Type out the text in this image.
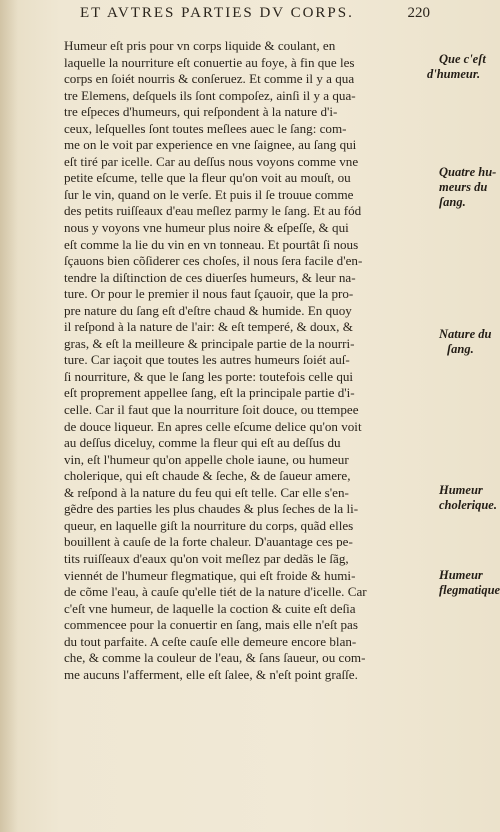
ET AVTRES PARTIES DV CORPS.	220
Humeur eſt pris pour vn corps liquide & coulant, en
laquelle la nourriture eſt conuertie au foye, à fin que les
corps en ſoiét nourris & conſeruez. Et comme il y a qua
tre Elemens, deſquels ils ſont compoſez, ainſi il y a qua-
tre eſpeces d'humeurs, qui reſpondent à la nature d'i-
ceux, leſquelles ſont toutes meſlees auec le ſang: com-
me on le voit par experience en vne ſaignee, au ſang qui
eſt tiré par icelle. Car au deſſus nous voyons comme vne
petite eſcume, telle que la fleur qu'on voit au mouſt, ou
ſur le vin, quand on le verſe. Et puis il ſe trouue comme
des petits ruiſſeaux d'eau meſlez parmy le ſang. Et au fód
nous y voyons vne humeur plus noire & eſpeſſe, & qui
eſt comme la lie du vin en vn tonneau. Et pourtât ſi nous
ſçauons bien cõſiderer ces choſes, il nous ſera facile d'en-
tendre la diſtinction de ces diuerſes humeurs, & leur na-
ture. Or pour le premier il nous faut ſçauoir, que la pro-
pre nature du ſang eſt d'eſtre chaud & humide. En quoy
il reſpond à la nature de l'air: & eſt temperé, & doux, &
gras, & eſt la meilleure & principale partie de la nourri-
ture. Car iaçoit que toutes les autres humeurs ſoiét auſ-
ſi nourriture, & que le ſang les porte: toutefois celle qui
eſt proprement appellee ſang, eſt la principale partie d'i-
celle. Car il faut que la nourriture ſoit douce, ou ttempee
de douce liqueur. En apres celle eſcume delice qu'on voit
au deſſus diceluy, comme la fleur qui eſt au deſſus du
vin, eſt l'humeur qu'on appelle chole iaune, ou humeur
cholerique, qui eſt chaude & ſeche, & de ſaueur amere,
& reſpond à la nature du feu qui eſt telle. Car elle s'en-
gẽdre des parties les plus chaudes & plus ſeches de la li-
queur, en laquelle giſt la nourriture du corps, quãd elles
bouillent à cauſe de la forte chaleur. D'auantage ces pe-
tits ruiſſeaux d'eaux qu'on voit meſlez par dedãs le ſãg,
viennét de l'humeur flegmatique, qui eſt froide & humi-
de cõme l'eau, à cauſe qu'elle tiét de la nature d'icelle. Car
c'eſt vne humeur, de laquelle la coction & cuite eſt deſia
commencee pour la conuertir en ſang, mais elle n'eſt pas
du tout parfaite. A ceſte cauſe elle demeure encore blan-
che, & comme la couleur de l'eau, & ſans ſaueur, ou com-
me aucuns l'afferment, elle eſt ſalee, & n'eſt point graſſe.
Que c'eſt
d'humeur.
Quatre hu-
meurs du
ſang.
Nature du
ſang.
Humeur
cholerique.
Humeur
flegmatique
